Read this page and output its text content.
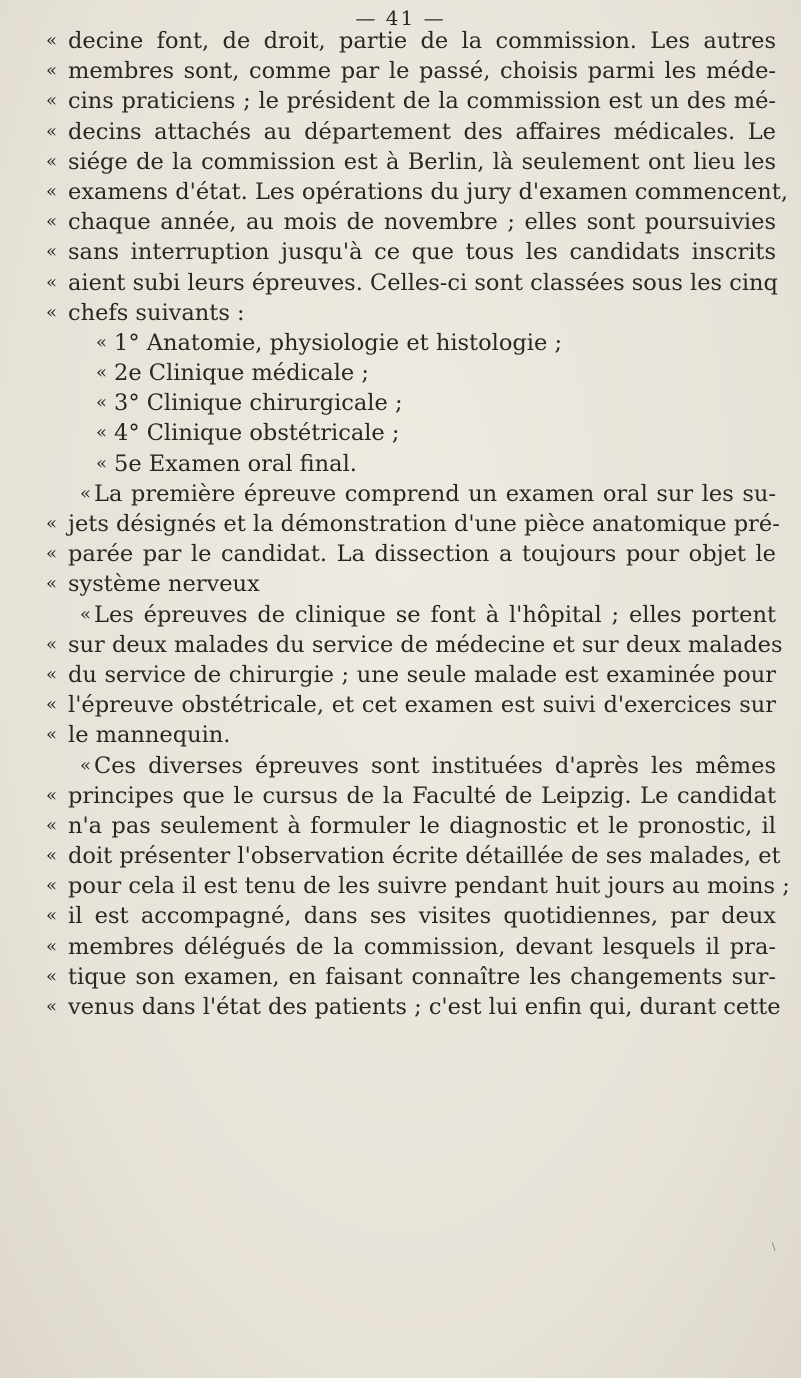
— 41 —
« decine font, de droit, partie de la commission. Les autres
« membres sont, comme par le passé, choisis parmi les méde-
« cins praticiens ; le président de la commission est un des mé-
« decins attachés au département des affaires médicales. Le
« siége de la commission est à Berlin, là seulement ont lieu les
« examens d'état. Les opérations du jury d'examen commencent,
« chaque année, au mois de novembre ; elles sont poursuivies
« sans interruption jusqu'à ce que tous les candidats inscrits
« aient subi leurs épreuves. Celles-ci sont classées sous les cinq
« chefs suivants :
« 1° Anatomie, physiologie et histologie ;
« 2e Clinique médicale ;
« 3° Clinique chirurgicale ;
« 4° Clinique obstétricale ;
« 5e Examen oral final.
« La première épreuve comprend un examen oral sur les su-
« jets désignés et la démonstration d'une pièce anatomique pré-
« parée par le candidat. La dissection a toujours pour objet le
« système nerveux
« Les épreuves de clinique se font à l'hôpital ; elles portent
« sur deux malades du service de médecine et sur deux malades
« du service de chirurgie ; une seule malade est examinée pour
« l'épreuve obstétricale, et cet examen est suivi d'exercices sur
« le mannequin.
« Ces diverses épreuves sont instituées d'après les mêmes
« principes que le cursus de la Faculté de Leipzig. Le candidat
« n'a pas seulement à formuler le diagnostic et le pronostic, il
« doit présenter l'observation écrite détaillée de ses malades, et
« pour cela il est tenu de les suivre pendant huit jours au moins ;
« il est accompagné, dans ses visites quotidiennes, par deux
« membres délégués de la commission, devant lesquels il pra-
« tique son examen, en faisant connaître les changements sur-
« venus dans l'état des patients ; c'est lui enfin qui, durant cette
\
